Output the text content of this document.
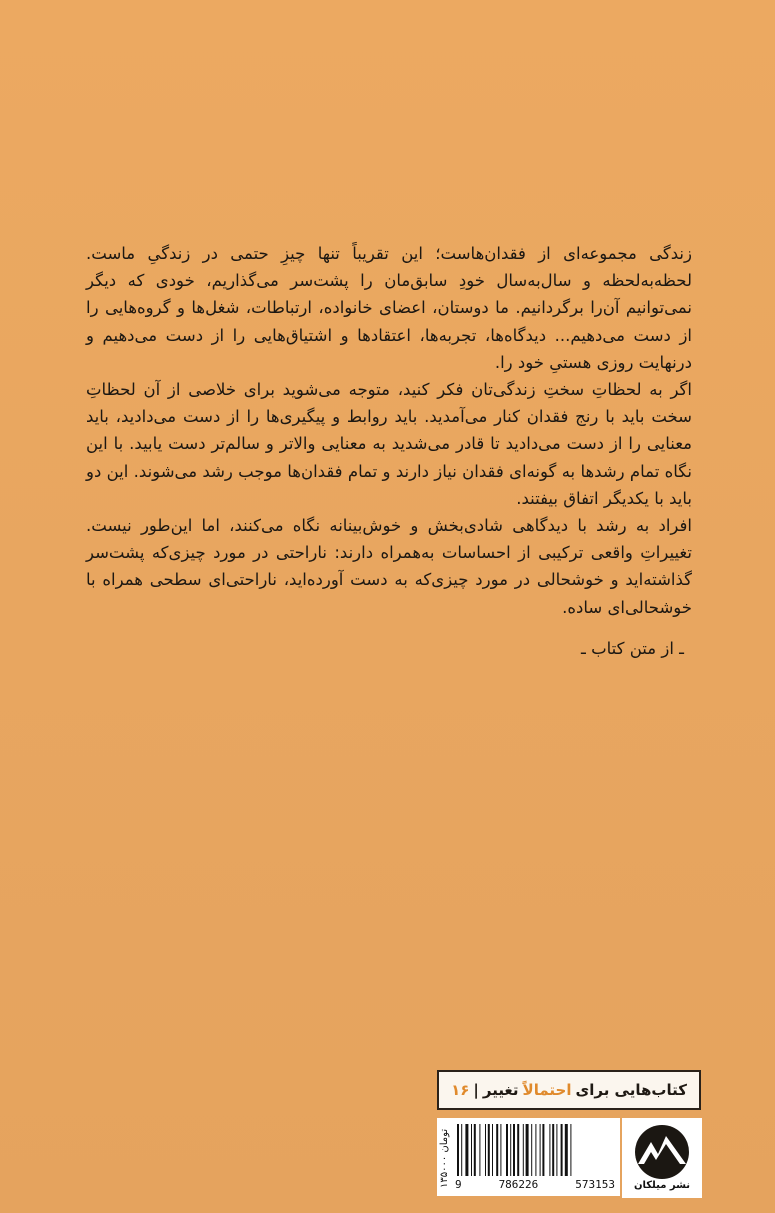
زندگی مجموعه‌ای از فقدان‌هاست؛ این تقریباً تنها چیزِ حتمی در زندگیِ ماست. لحظه‌به‌لحظه و سال‌به‌سال خودِ سابق‌مان را پشت‌سر می‌گذاریم، خودی که دیگر نمی‌توانیم آن‌را برگردانیم. ما دوستان، اعضای خانواده، ارتباطات، شغل‌ها و گروه‌هایی را از دست می‌دهیم... دیدگاه‌ها، تجربه‌ها، اعتقادها و اشتیاق‌هایی را از دست می‌دهیم و درنهایت روزی هستیِ خود را.

اگر به لحظاتِ سختِ زندگی‌تان فکر کنید، متوجه می‌شوید برای خلاصی از آن لحظاتِ سخت باید با رنج فقدان کنار می‌آمدید. باید روابط و پیگیری‌ها را از دست می‌دادید، باید معنایی را از دست می‌دادید تا قادر می‌شدید به معنایی والاتر و سالم‌تر دست یابید. با این نگاه تمام رشدها به گونه‌ای فقدان نیاز دارند و تمام فقدان‌ها موجب رشد می‌شوند. این دو باید با یکدیگر اتفاق بیفتند.

افراد به رشد با دیدگاهی شادی‌بخش و خوش‌بینانه نگاه می‌کنند، اما این‌طور نیست. تغییراتِ واقعی ترکیبی از احساسات به‌همراه دارند: ناراحتی در مورد چیزی‌که پشت‌سر گذاشته‌اید و خوشحالی در مورد چیزی‌که به دست آورده‌اید، ناراحتی‌ای سطحی همراه با خوشحالی‌ای ساده.

ـ از متن کتاب ـ

کتاب‌هایی برای
احتمالاً
تغییر
|
۱۶
۱۳۵۰۰۰ تومان
9	786226	573153	نشر میلکان
